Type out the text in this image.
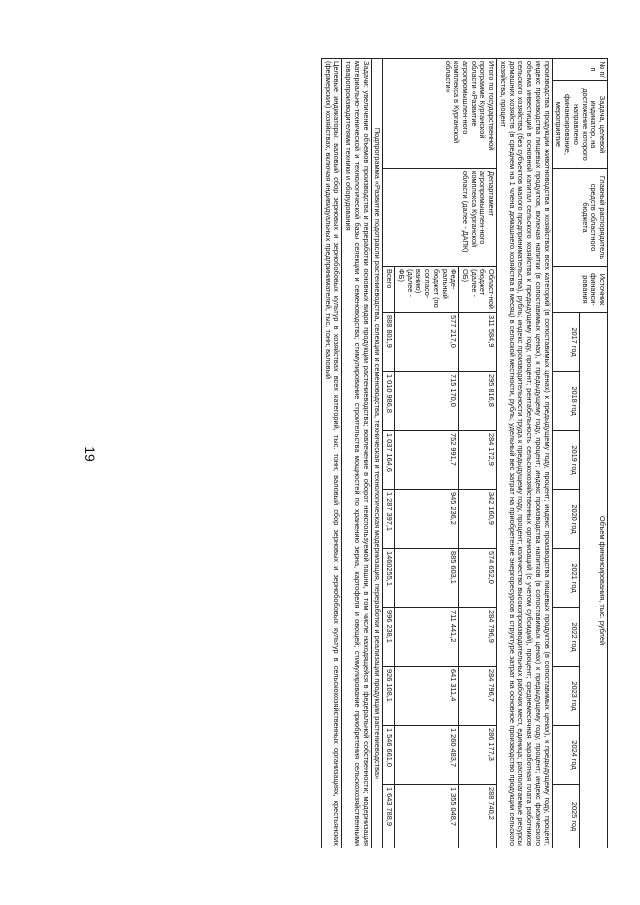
19
№ п/п	Задача, целевой индикатор, на достижение которого направлено финансирование, мероприятие	Главный распорядитель средств областного бюджета	Источник финанси-рования	Объем финансирования, тыс. рублей								
				2017 год	2018 год	2019 год	2020 год	2021 год	2022 год	2023 год	2024 год	2025 год
производства продукции животноводства в хозяйствах всех категорий (в сопоставимых ценах) к предыдущему году, процент; индекс производства пищевых продуктов (в сопоставимых ценах), к предыдущему году, процент; индекс производства пищевых продуктов, включая напитки (в сопоставимых ценах), к предыдущему году, процент; индекс производства напитков (в сопоставимых ценах) к предыдущему году, процент; индекс физического объема инвестиций в основной капитал сельского хозяйства к предыдущему году, процент; рентабельность сельскохозяйственных организаций (с учетом субсидий), процент; среднемесячная заработная плата работников сельского хозяйства (без субъектов малого предпринимательства), рубль; индекс производительности труда к предыдущему году, процент; количество высокопроизводительных рабочих мест, единица; располагаемые ресурсы домашних хозяйств (в среднем на 1 члена домашнего хозяйства в месяц) в сельской местности, рубль; удельный вес затрат на приобретение энергоресурсов в структуре затрат на основное производство продукции сельского хозяйства, процент												
Итого по государственной программе Курганской области «Развитие агропромышлен-ного комплекса в Курганской области»		Департамент агропромышлен-ного комплекса Курганской области (далее - ДАПК)	Област-ной бюджет (далее - ОБ)	311 584,9	295 816,8	284 172,9	342 160,9	574 652,0	284 796,9	284 796,7	286 177,3	288 740,2
			Феде-ральный бюджет (по согласо-ванию) (далее - ФБ)	577 217,0	715 170,0	752 991,7	945 236,2	885 603,1	711 441,2	641 311,4	1 260 483,7	1 355 048,7
			Всего	888 801,9	1 010 986,8	1 037 164,6	1 287 397,1	1460255,1	996 238,1	926 108,1	1 546 661,0	1 643 788,9
Подпрограмма «Развитие подотрасли растениеводства, селекции и семеноводства, техническая и технологическая модернизация, переработки и реализации продукции растениеводства»												
Задачи: увеличение объемов производства и переработки основных видов продукции растениеводства; вовлечение в оборот неиспользуемой пашни, в том числе находящейся в федеральной собственности; модернизация материально-технической и технологической базы селекции и семеноводства; стимулирование строительства мощностей по хранению зерна, картофеля и овощей; стимулирование приобретения сельскохозяйственными товаропроизводителями техники и оборудования												
Целевые индикаторы: валовый сбор зерновых и зернобобовых культур в хозяйствах всех категорий, тыс. тонн; валовый сбор зерновых и зернобобовых культур в сельскохозяйственных организациях, крестьянских (фермерских) хозяйствах, включая индивидуальных предпринимателей, тыс. тонн; валовый												
